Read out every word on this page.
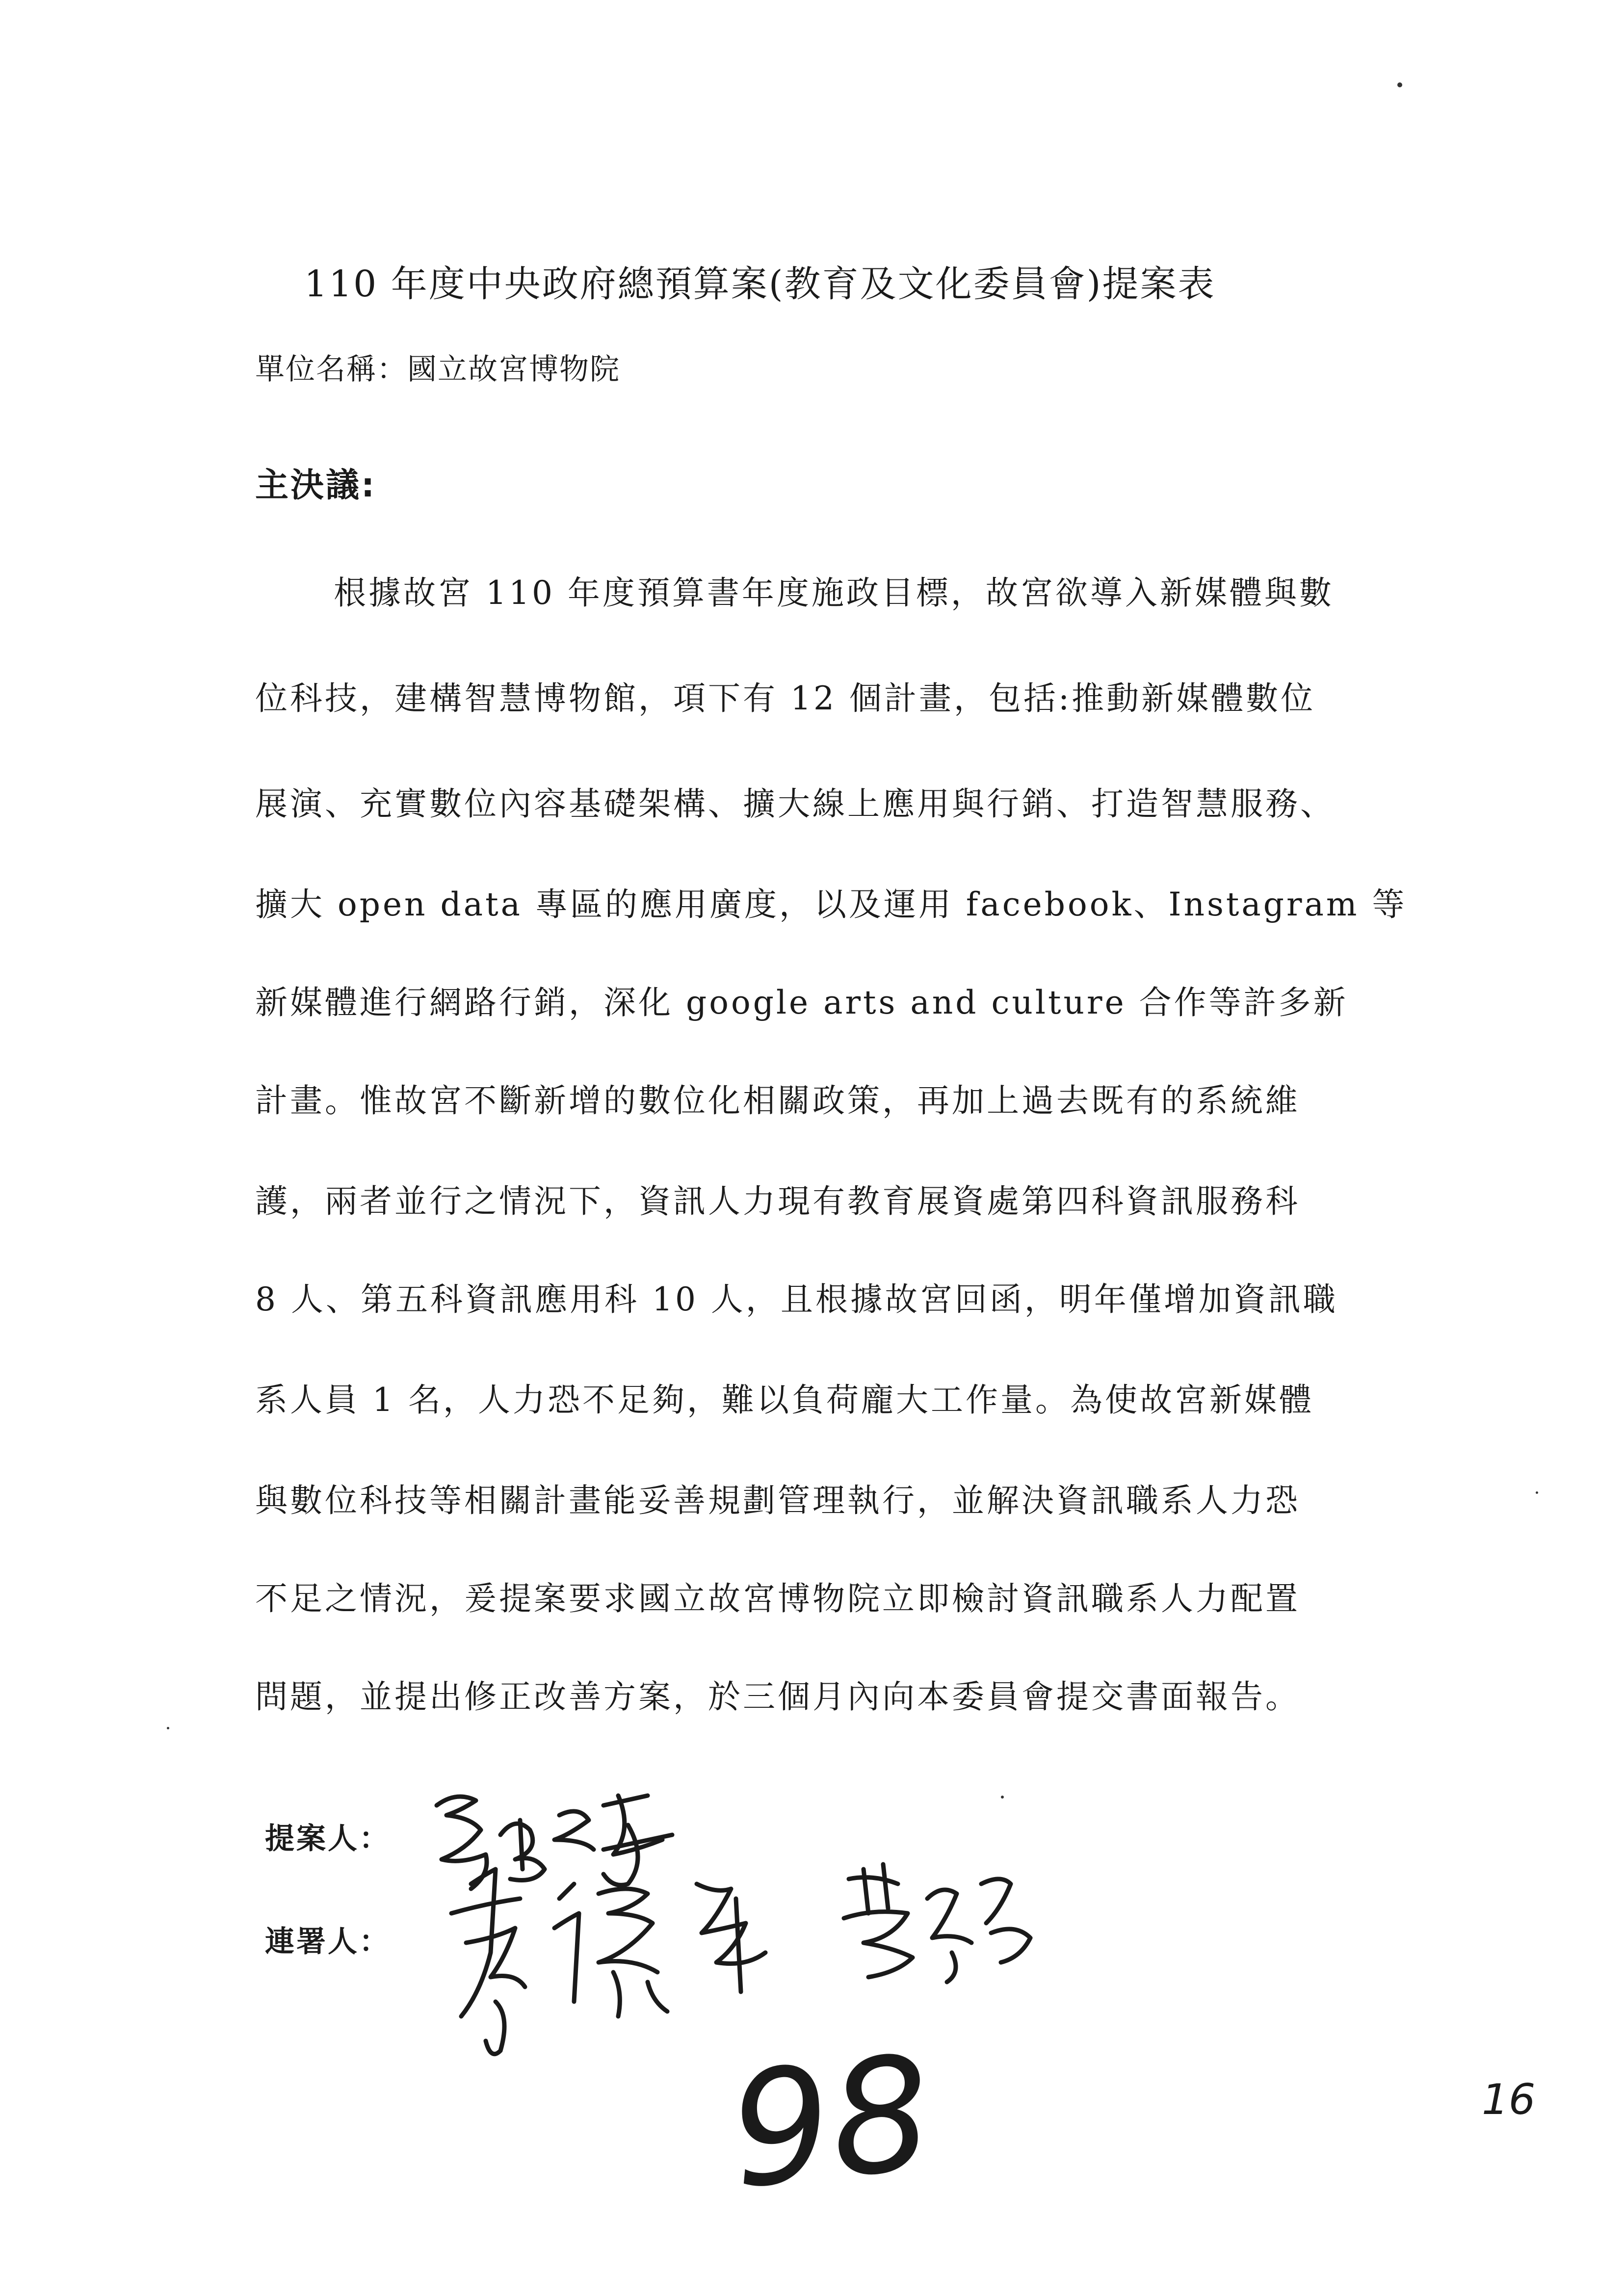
110 年度中央政府總預算案(教育及文化委員會)提案表
單位名稱：國立故宮博物院
主決議:
根據故宮 110 年度預算書年度施政目標，故宮欲導入新媒體與數
位科技，建構智慧博物館，項下有 12 個計畫，包括:推動新媒體數位
展演、充實數位內容基礎架構、擴大線上應用與行銷、打造智慧服務、
擴大 open data 專區的應用廣度，以及運用 facebook、Instagram 等
新媒體進行網路行銷，深化 google arts and culture 合作等許多新
計畫。惟故宮不斷新增的數位化相關政策，再加上過去既有的系統維
護，兩者並行之情況下，資訊人力現有教育展資處第四科資訊服務科
8 人、第五科資訊應用科 10 人，且根據故宮回函，明年僅增加資訊職
系人員 1 名，人力恐不足夠，難以負荷龐大工作量。為使故宮新媒體
與數位科技等相關計畫能妥善規劃管理執行，並解決資訊職系人力恐
不足之情況，爰提案要求國立故宮博物院立即檢討資訊職系人力配置
問題，並提出修正改善方案，於三個月內向本委員會提交書面報告。
提案人：
連署人：
98	16
